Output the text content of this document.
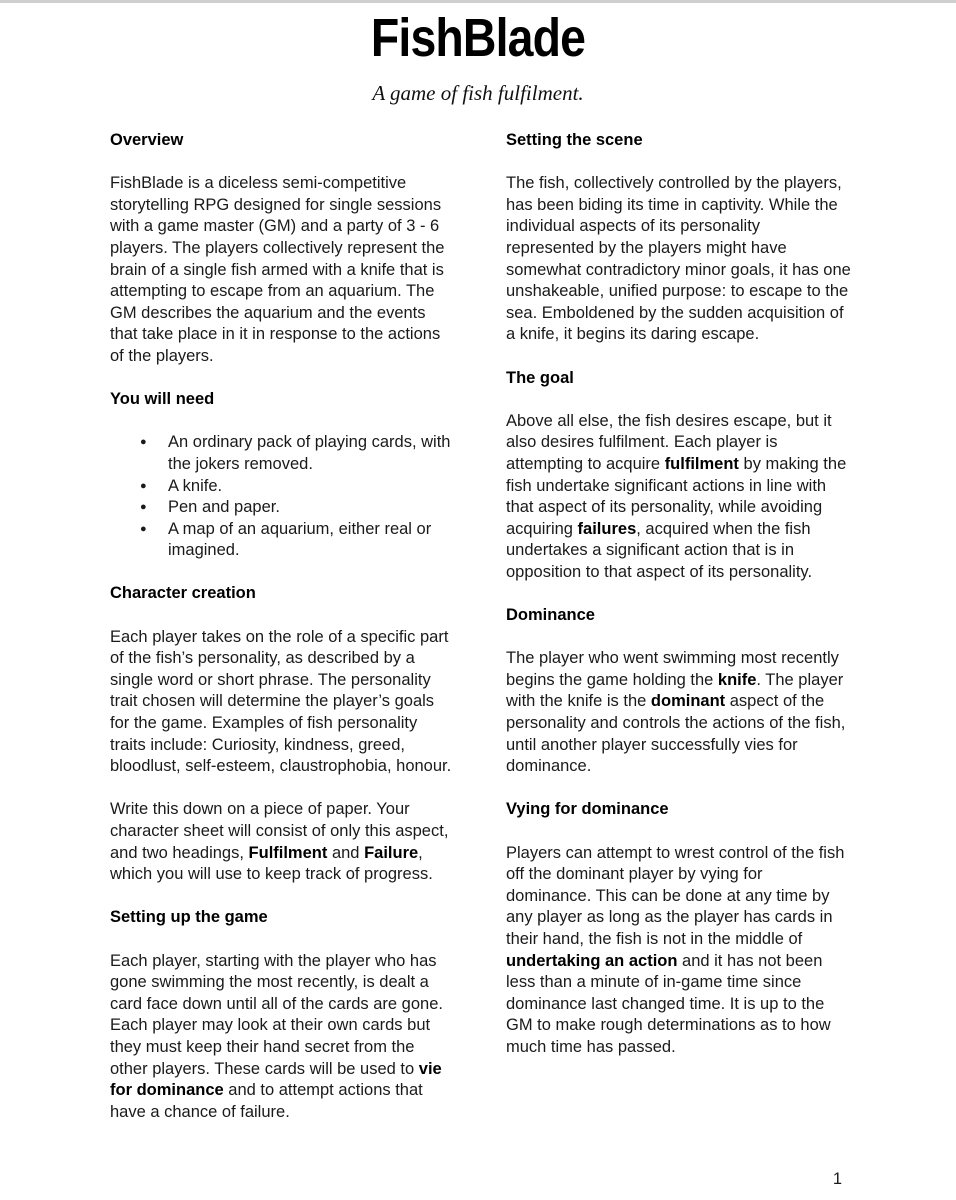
FishBlade
A game of fish fulfilment.
Overview

FishBlade is a diceless semi-competitive storytelling RPG designed for single sessions with a game master (GM) and a party of 3 - 6 players. The players collectively represent the brain of a single fish armed with a knife that is attempting to escape from an aquarium. The GM describes the aquarium and the events that take place in it in response to the actions of the players.

You will need
● An ordinary pack of playing cards, with the jokers removed.
● A knife.
● Pen and paper.
● A map of an aquarium, either real or imagined.
Character creation

Each player takes on the role of a specific part of the fish’s personality, as described by a single word or short phrase. The personality trait chosen will determine the player’s goals for the game. Examples of fish personality traits include: Curiosity, kindness, greed, bloodlust, self-esteem, claustrophobia, honour.

Write this down on a piece of paper. Your character sheet will consist of only this aspect, and two headings, Fulfilment and Failure, which you will use to keep track of progress.

Setting up the game

Each player, starting with the player who has gone swimming the most recently, is dealt a card face down until all of the cards are gone. Each player may look at their own cards but they must keep their hand secret from the other players. These cards will be used to vie for dominance and to attempt actions that have a chance of failure.

Setting the scene

The fish, collectively controlled by the players, has been biding its time in captivity. While the individual aspects of its personality represented by the players might have somewhat contradictory minor goals, it has one unshakeable, unified purpose: to escape to the sea. Emboldened by the sudden acquisition of a knife, it begins its daring escape.

The goal

Above all else, the fish desires escape, but it also desires fulfilment. Each player is attempting to acquire fulfilment by making the fish undertake significant actions in line with that aspect of its personality, while avoiding acquiring failures, acquired when the fish undertakes a significant action that is in opposition to that aspect of its personality.

Dominance

The player who went swimming most recently begins the game holding the knife. The player with the knife is the dominant aspect of the personality and controls the actions of the fish, until another player successfully vies for dominance.

Vying for dominance

Players can attempt to wrest control of the fish off the dominant player by vying for dominance. This can be done at any time by any player as long as the player has cards in their hand, the fish is not in the middle of undertaking an action and it has not been less than a minute of in-game time since dominance last changed time. It is up to the GM to make rough determinations as to how much time has passed.

1
